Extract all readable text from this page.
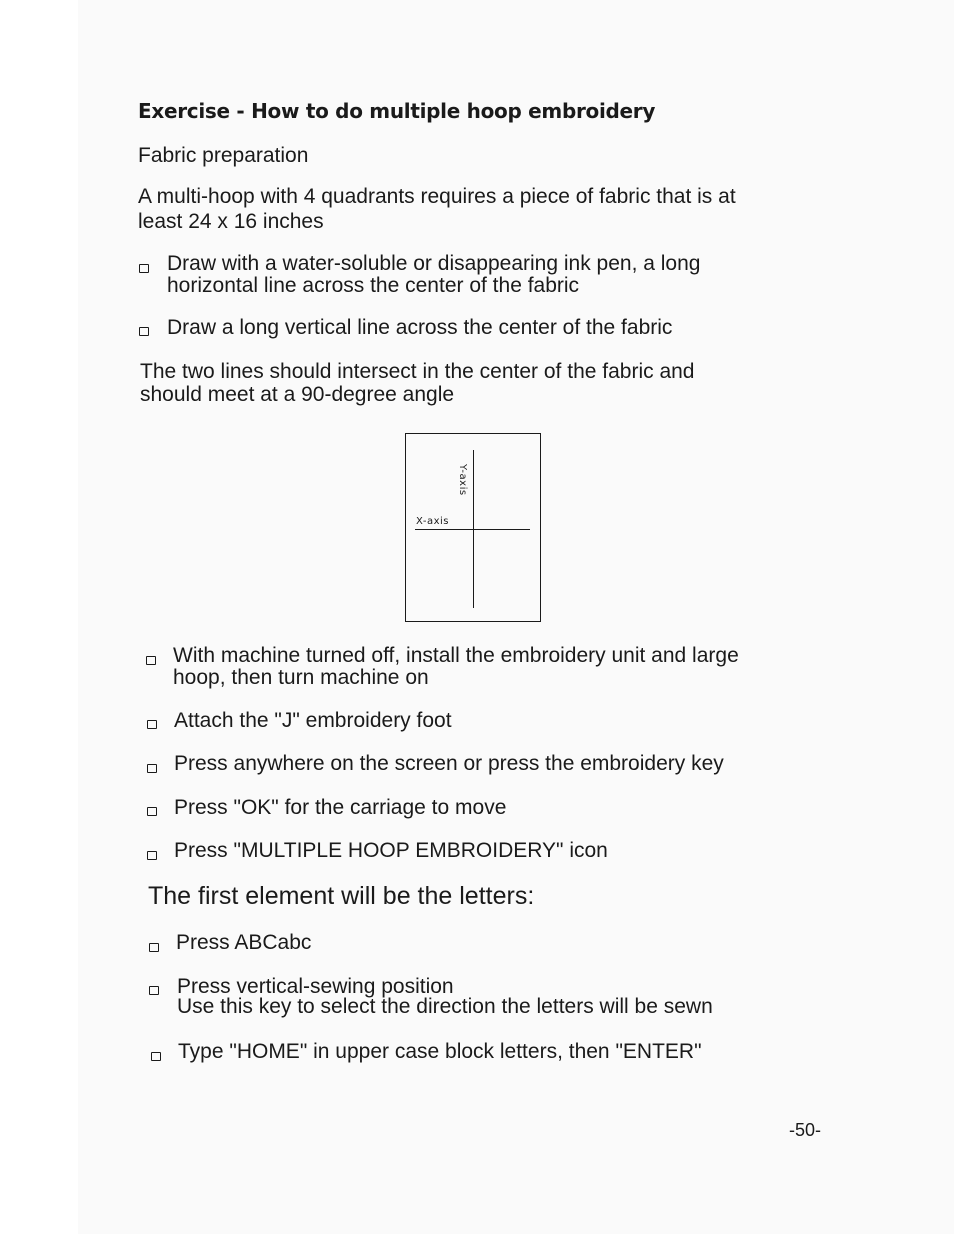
Exercise - How to do multiple hoop embroidery
Fabric preparation
A multi-hoop with 4 quadrants requires a piece of fabric that is at
least 24 x 16 inches
Draw with a water-soluble or disappearing ink pen, a long
horizontal line across the center of the fabric
Draw a long vertical line across the center of the fabric
The two lines should intersect in the center of the fabric and
should meet at a 90-degree angle
X-axis
Y-axis
With machine turned off, install the embroidery unit and large
hoop, then turn machine on
Attach the "J" embroidery foot
Press anywhere on the screen or press the embroidery key
Press "OK" for the carriage to move
Press "MULTIPLE HOOP EMBROIDERY" icon
The first element will be the letters:
Press ABCabc
Press vertical-sewing position
Use this key to select the direction the letters will be sewn
Type "HOME" in upper case block letters, then "ENTER"
-50-
